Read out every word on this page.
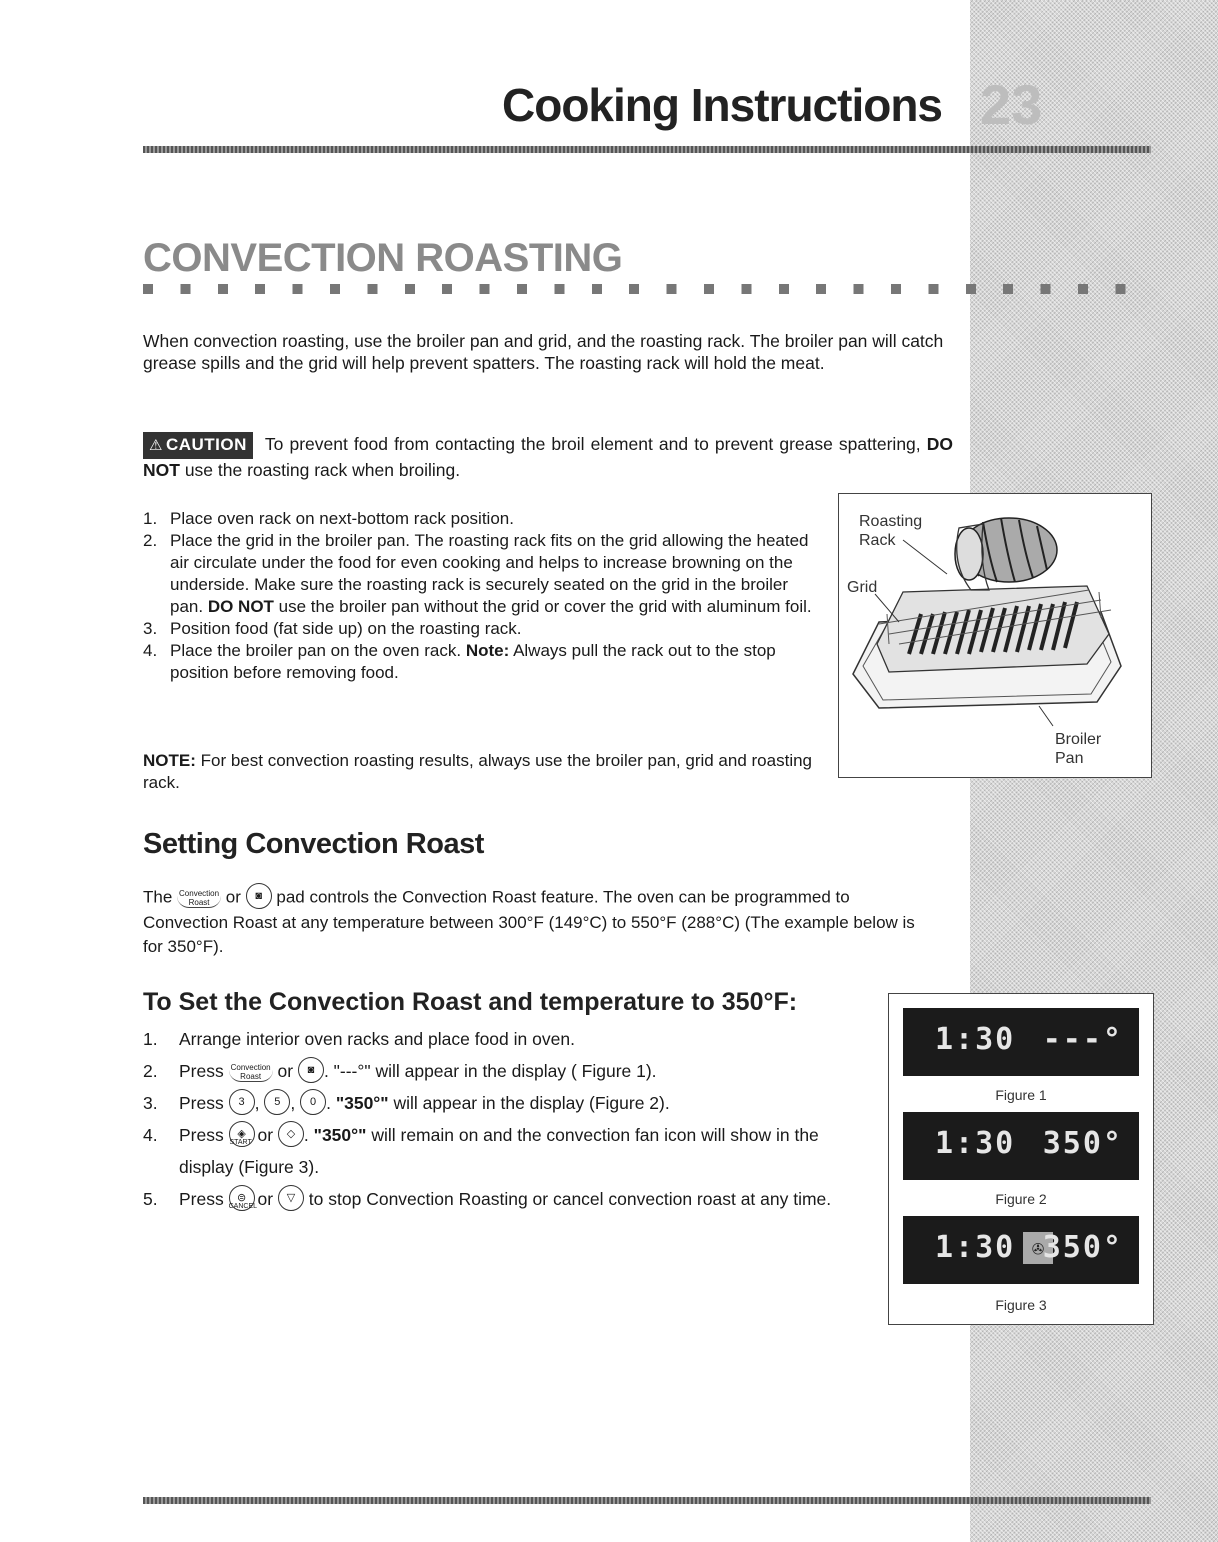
Cooking Instructions 23
CONVECTION ROASTING

When convection roasting, use the broiler pan and grid, and the roasting rack. The broiler pan will catch grease spills and the grid will help prevent spatters. The roasting rack will hold the meat.

⚠ CAUTION To prevent food from contacting the broil element and to prevent grease spattering, DO NOT use the roasting rack when broiling.

1. Place oven rack on next-bottom rack position.
2. Place the grid in the broiler pan. The roasting rack fits on the grid allowing the heated air circulate under the food for even cooking and helps to increase browning on the underside. Make sure the roasting rack is securely seated on the grid in the broiler pan. DO NOT use the broiler pan without the grid or cover the grid with aluminum foil.
3. Position food (fat side up) on the roasting rack.
4. Place the broiler pan on the oven rack. Note: Always pull the rack out to the stop position before removing food.

NOTE: For best convection roasting results, always use the broiler pan, grid and roasting rack.

Roasting
Rack
Grid
Broiler
Pan
Setting Convection Roast

The Convection
Roast or ◙ pad controls the Convection Roast feature. The oven can be programmed to Convection Roast at any temperature between 300°F (149°C) to 550°F (288°C) (The example below is for 350°F).

To Set the Convection Roast and temperature to 350°F:
1. Arrange interior oven racks and place food in oven.
2. Press Convection
Roast or ◙ . "---°" will appear in the display ( Figure 1).
3. Press 3 , 5 , 0 . "350°" will appear in the display (Figure 2).
4. Press ◈START or ◇ . "350°" will remain on and the convection fan icon will show in the display (Figure 3).
5. Press ⊜CANCEL or ▽ to stop Convection Roasting or cancel convection roast at any time.
1:30 ---°
Figure 1
1:30 350°
Figure 2
1:30 ✇
350°
Figure 3
